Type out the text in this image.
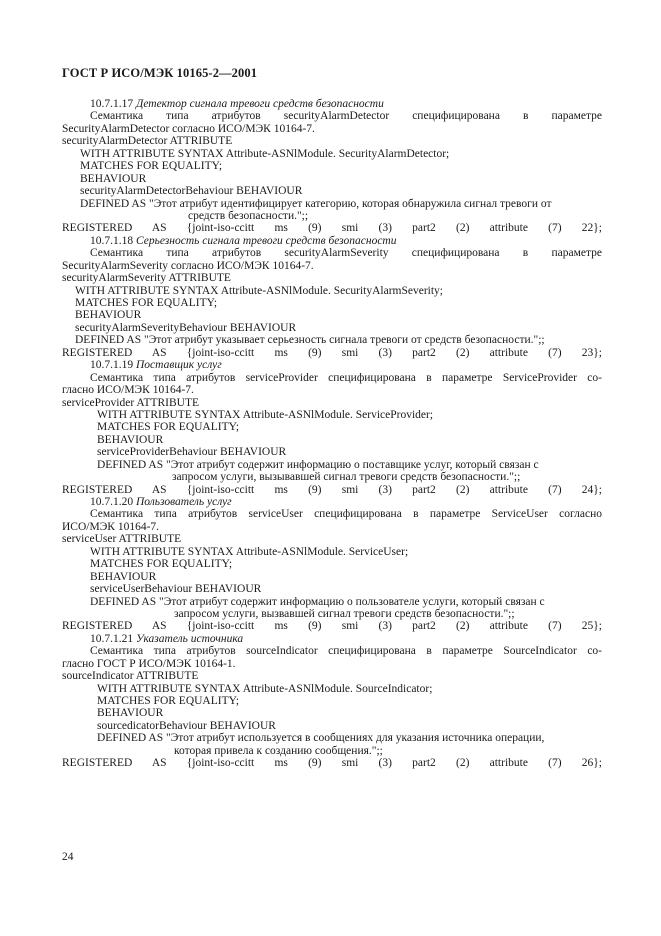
ГОСТ Р ИСО/МЭК 10165-2—2001
10.7.1.17 Детектор сигнала тревоги средств безопасности
Семантика типа атрибутов securityAlarmDetector специфицирована в параметре
SecurityAlarmDetector согласно ИСО/МЭК 10164-7.
securityAlarmDetector ATTRIBUTE
WITH ATTRIBUTE SYNTAX Attribute-ASNlModule. SecurityAlarmDetector;
MATCHES FOR EQUALITY;
BEHAVIOUR
securityAlarmDetectorBehaviour BEHAVIOUR
DEFINED AS "Этот атрибут идентифицирует категорию, которая обнаружила сигнал тревоги от
средств безопасности.";;
REGISTERED AS {joint-iso-ccitt ms (9) smi (3) part2 (2) attribute (7) 22};
10.7.1.18 Серьезность сигнала тревоги средств безопасности
Семантика типа атрибутов securityAlarmSeverity специфицирована в параметре
SecurityAlarmSeverity согласно ИСО/МЭК 10164-7.
securityAlarmSeverity ATTRIBUTE
WITH ATTRIBUTE SYNTAX Attribute-ASNlModule. SecurityAlarmSeverity;
MATCHES FOR EQUALITY;
BEHAVIOUR
securityAlarmSeverityBehaviour BEHAVIOUR
DEFINED AS "Этот атрибут указывает серьезность сигнала тревоги от средств безопасности.";;
REGISTERED AS {joint-iso-ccitt ms (9) smi (3) part2 (2) attribute (7) 23};
10.7.1.19 Поставщик услуг
Семантика типа атрибутов serviceProvider специфицирована в параметре ServiceProvider со-
гласно ИСО/МЭК 10164-7.
serviceProvider ATTRIBUTE
WITH ATTRIBUTE SYNTAX Attribute-ASNlModule. ServiceProvider;
MATCHES FOR EQUALITY;
BEHAVIOUR
serviceProviderBehaviour BEHAVIOUR
DEFINED AS "Этот атрибут содержит информацию о поставщике услуг, который связан с
запросом услуги, вызывавшей сигнал тревоги средств безопасности.";;
REGISTERED AS {joint-iso-ccitt ms (9) smi (3) part2 (2) attribute (7) 24};
10.7.1.20 Пользователь услуг
Семантика типа атрибутов serviceUser специфицирована в параметре ServiceUser согласно
ИСО/МЭК 10164-7.
serviceUser ATTRIBUTE
WITH ATTRIBUTE SYNTAX Attribute-ASNlModule. ServiceUser;
MATCHES FOR EQUALITY;
BEHAVIOUR
serviceUserBehaviour BEHAVIOUR
DEFINED AS "Этот атрибут содержит информацию о пользователе услуги, который связан с
запросом услуги, вызвавшей сигнал тревоги средств безопасности.";;
REGISTERED AS {joint-iso-ccitt ms (9) smi (3) part2 (2) attribute (7) 25};
10.7.1.21 Указатель источника
Семантика типа атрибутов sourceIndicator специфицирована в параметре SourceIndicator со-
гласно ГОСТ Р ИСО/МЭК 10164-1.
sourceIndicator ATTRIBUTE
WITH ATTRIBUTE SYNTAX Attribute-ASNlModule. SourceIndicator;
MATCHES FOR EQUALITY;
BEHAVIOUR
sourcedicatorBehaviour BEHAVIOUR
DEFINED AS "Этот атрибут используется в сообщениях для указания источника операции,
которая привела к созданию сообщения.";;
REGISTERED AS {joint-iso-ccitt ms (9) smi (3) part2 (2) attribute (7) 26};
24
